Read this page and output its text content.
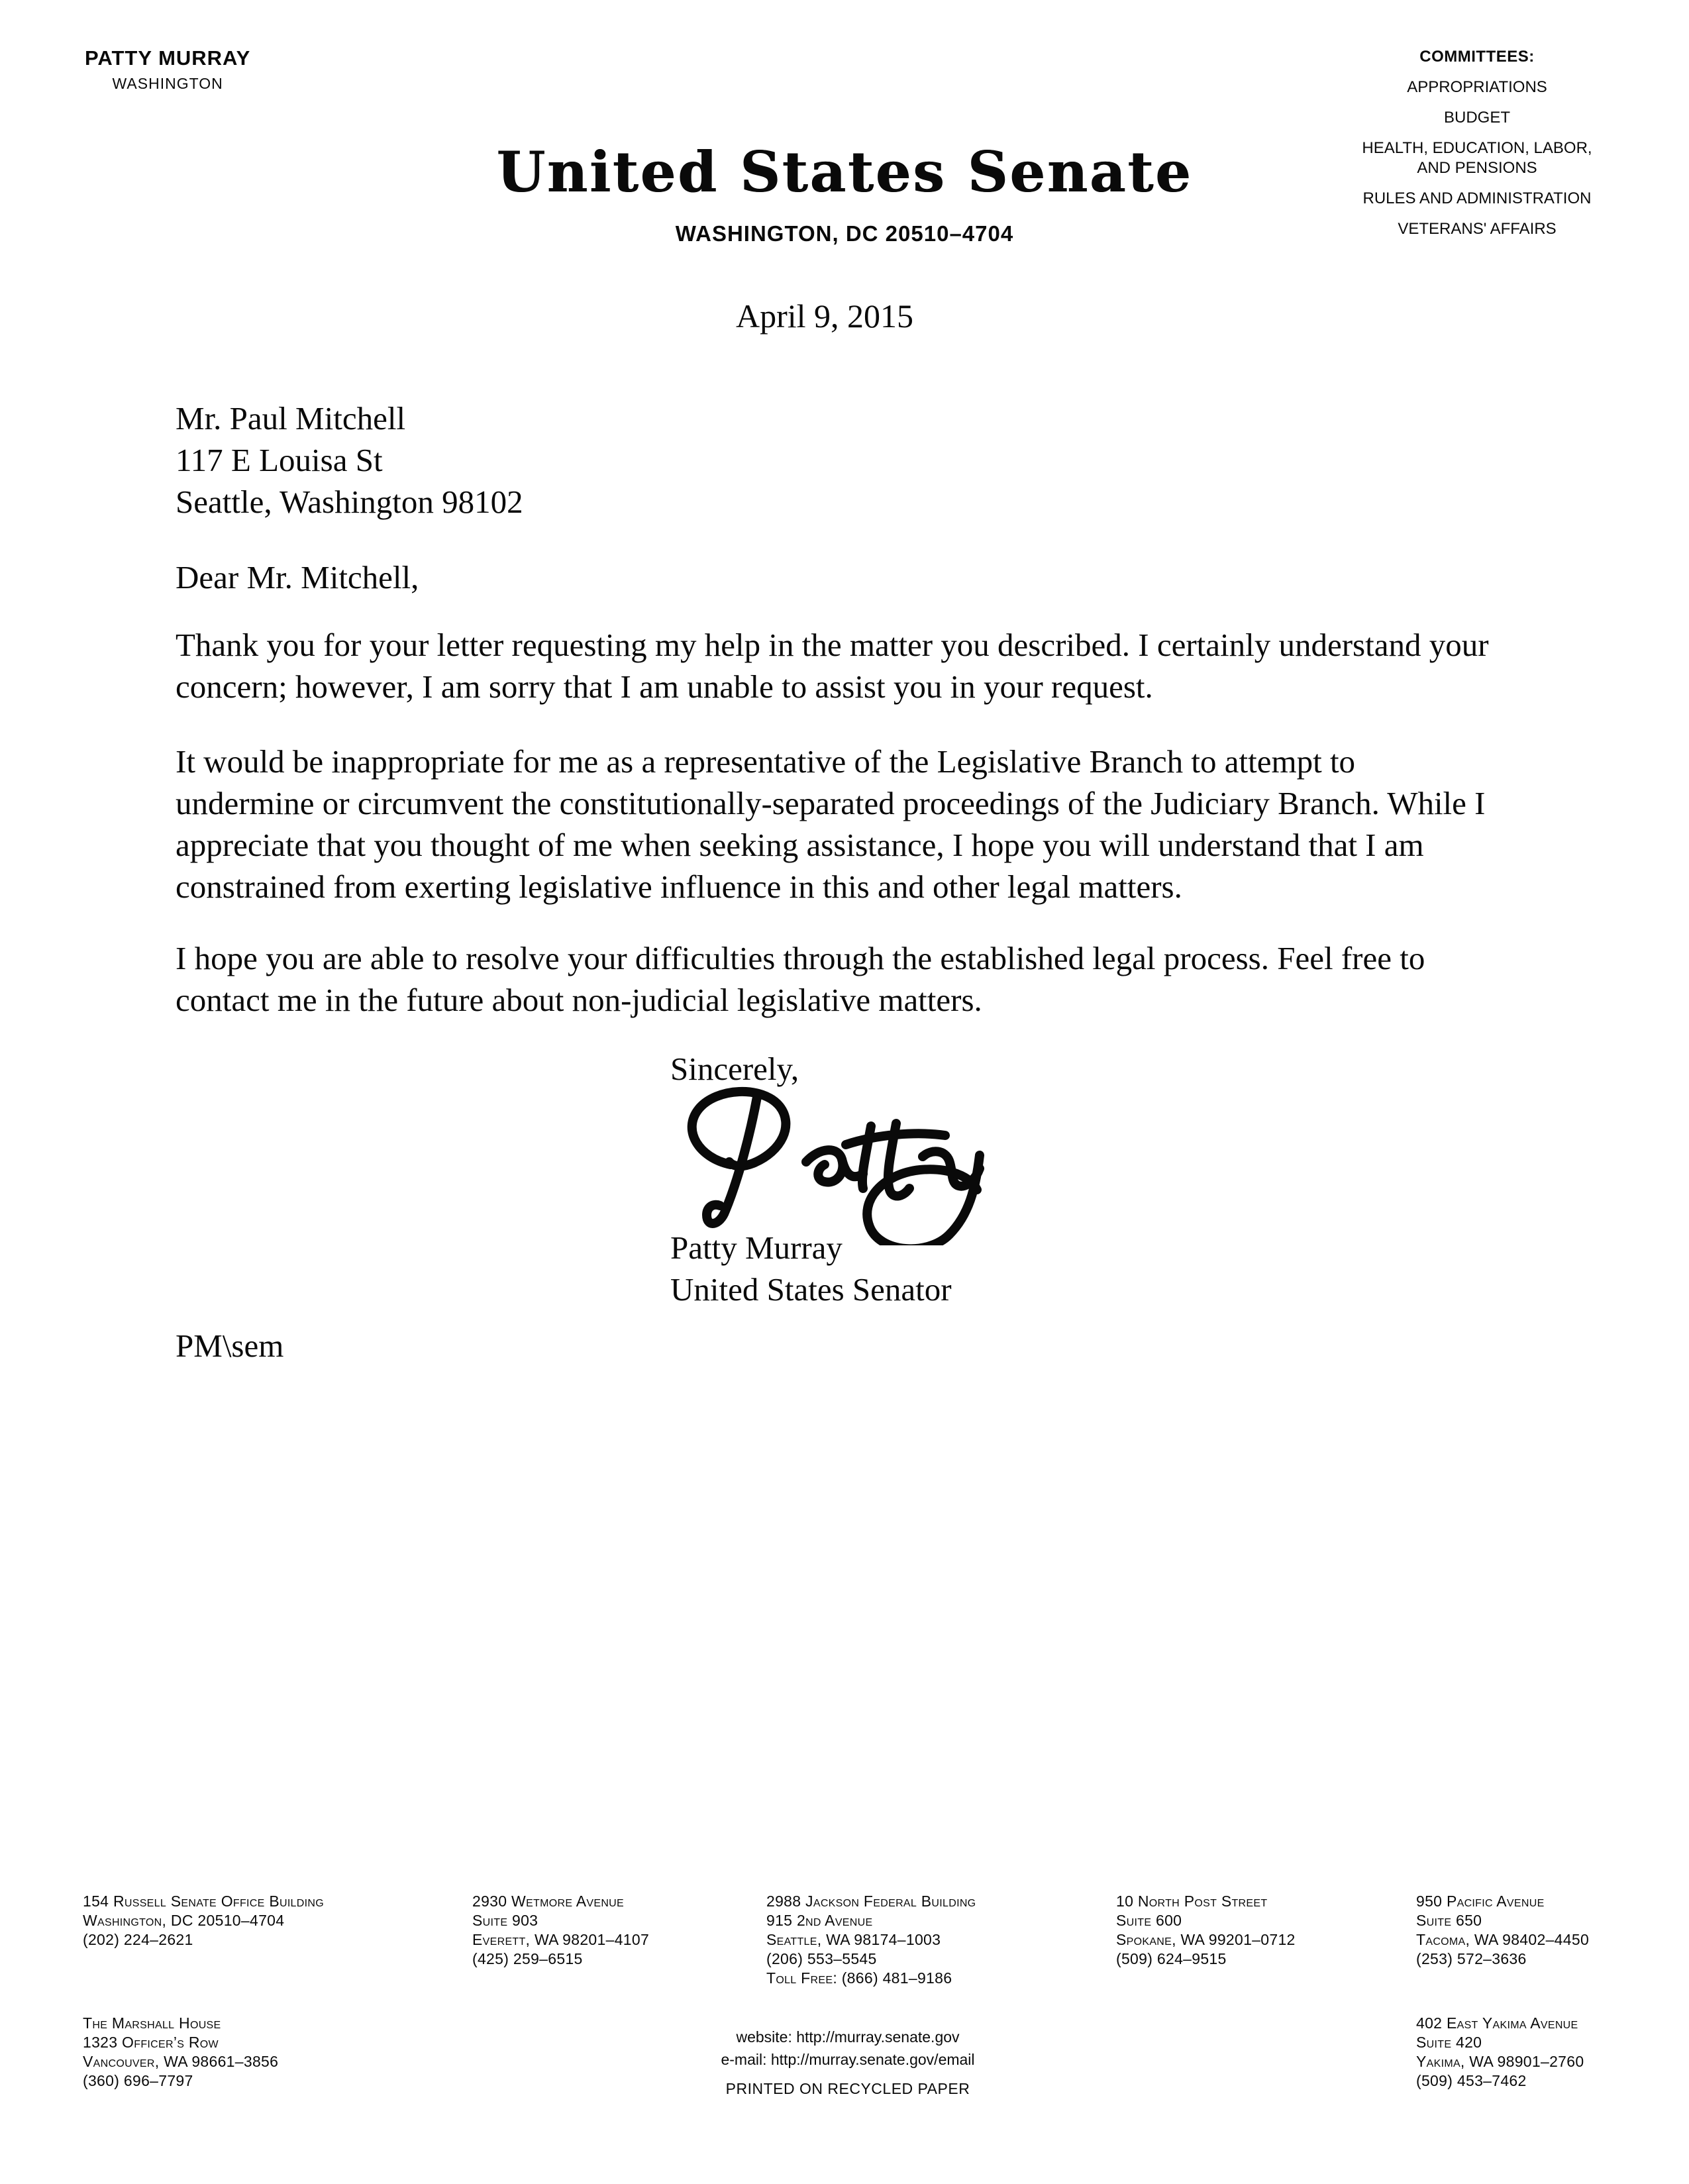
PATTY MURRAY
WASHINGTON
COMMITTEES:
APPROPRIATIONS
BUDGET
HEALTH, EDUCATION, LABOR,
AND PENSIONS
RULES AND ADMINISTRATION
VETERANS' AFFAIRS
United States Senate
WASHINGTON, DC 20510–4704
April 9, 2015
Mr. Paul Mitchell
117 E Louisa St
Seattle, Washington 98102
Dear Mr. Mitchell,
Thank you for your letter requesting my help in the matter you described. I certainly understand your concern; however, I am sorry that I am unable to assist you in your request.
It would be inappropriate for me as a representative of the Legislative Branch to attempt to undermine or circumvent the constitutionally-separated proceedings of the Judiciary Branch. While I appreciate that you thought of me when seeking assistance, I hope you will understand that I am constrained from exerting legislative influence in this and other legal matters.
I hope you are able to resolve your difficulties through the established legal process. Feel free to contact me in the future about non-judicial legislative matters.
Sincerely,
Patty Murray
United States Senator
PM\sem
154 Russell Senate Office Building
Washington, DC 20510–4704
(202) 224–2621
2930 Wetmore Avenue
Suite 903
Everett, WA 98201–4107
(425) 259–6515
2988 Jackson Federal Building
915 2nd Avenue
Seattle, WA 98174–1003
(206) 553–5545
Toll Free: (866) 481–9186
10 North Post Street
Suite 600
Spokane, WA 99201–0712
(509) 624–9515
950 Pacific Avenue
Suite 650
Tacoma, WA 98402–4450
(253) 572–3636
The Marshall House
1323 Officer’s Row
Vancouver, WA 98661–3856
(360) 696–7797
402 East Yakima Avenue
Suite 420
Yakima, WA 98901–2760
(509) 453–7462
website: http://murray.senate.gov
e-mail: http://murray.senate.gov/email
PRINTED ON RECYCLED PAPER
